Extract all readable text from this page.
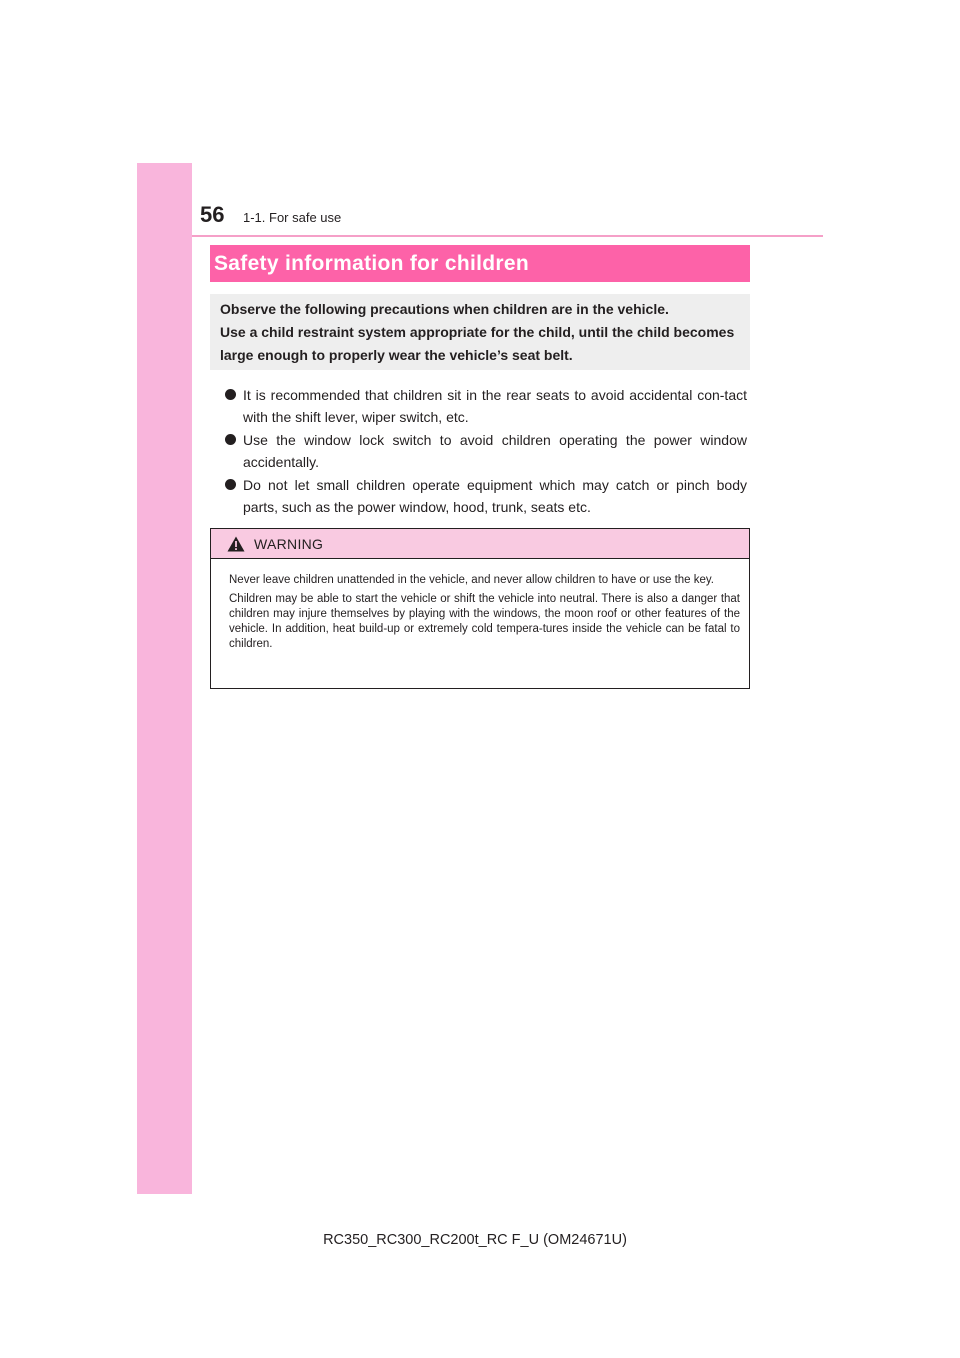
56 1-1. For safe use
Safety information for children

Observe the following precautions when children are in the vehicle.

Use a child restraint system appropriate for the child, until the child becomes large enough to properly wear the vehicle’s seat belt.

It is recommended that children sit in the rear seats to avoid accidental con-tact with the shift lever, wiper switch, etc.
Use the window lock switch to avoid children operating the power window accidentally.
Do not let small children operate equipment which may catch or pinch body parts, such as the power window, hood, trunk, seats etc.
WARNING

Never leave children unattended in the vehicle, and never allow children to have or use the key.

Children may be able to start the vehicle or shift the vehicle into neutral. There is also a danger that children may injure themselves by playing with the windows, the moon roof or other features of the vehicle. In addition, heat build-up or extremely cold tempera-tures inside the vehicle can be fatal to children.

RC350_RC300_RC200t_RC F_U (OM24671U)
